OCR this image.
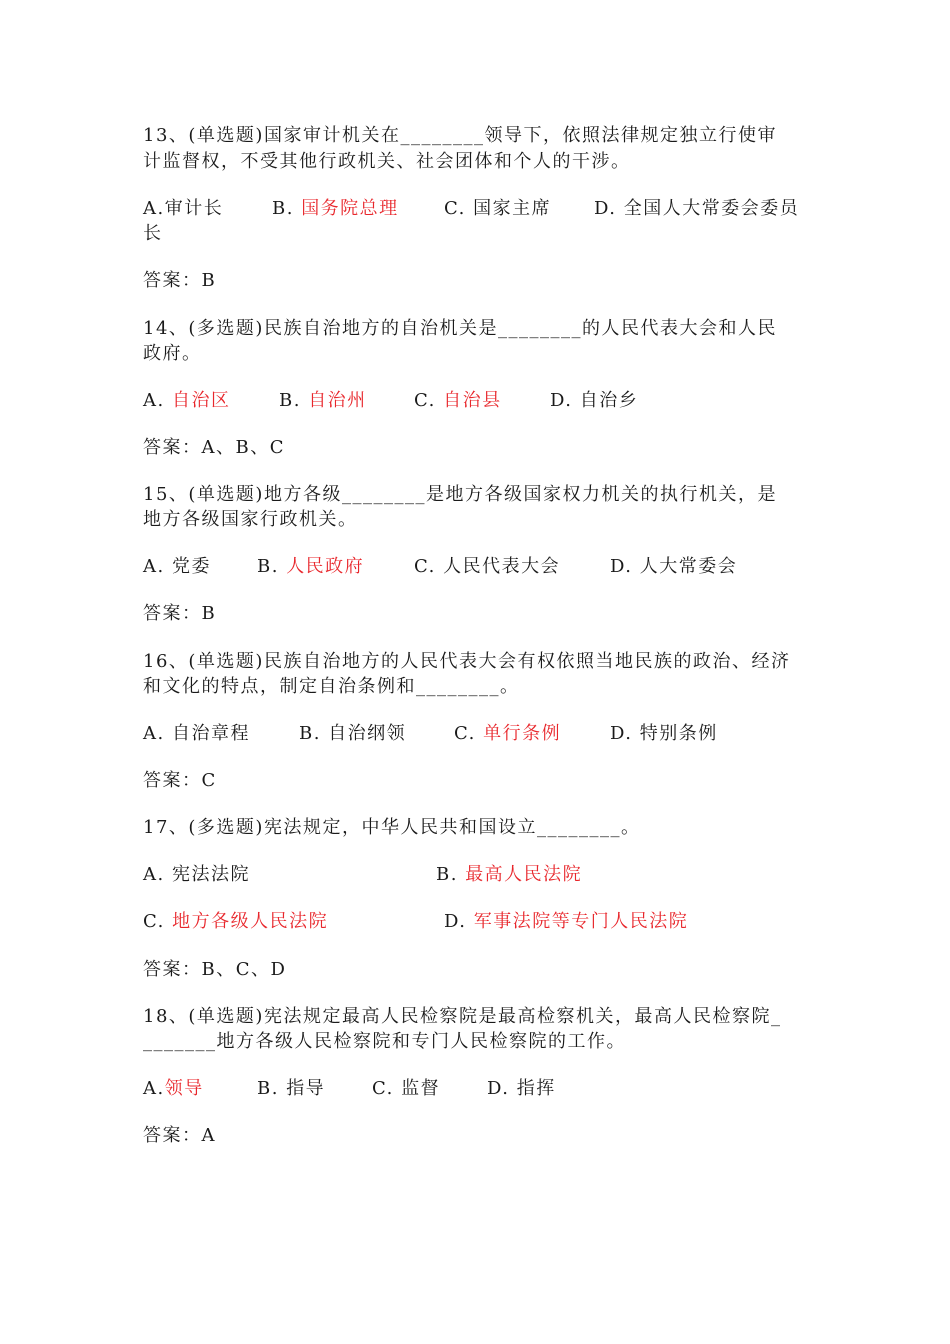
13、(单选题)国家审计机关在________领导下，依照法律规定独立行使审
计监督权，不受其他行政机关、社会团体和个人的干涉。
A.审计长	B. 国务院总理	C. 国家主席 D. 全国人大常委会委员
长
答案：B
14、(多选题)民族自治地方的自治机关是________的人民代表大会和人民
政府。
A. 自治区	B. 自治州	C. 自治县	D. 自治乡
答案：A、B、C
15、(单选题)地方各级________是地方各级国家权力机关的执行机关，是
地方各级国家行政机关。
A. 党委	B. 人民政府	C. 人民代表大会	D. 人大常委会
答案：B
16、(单选题)民族自治地方的人民代表大会有权依照当地民族的政治、经济
和文化的特点，制定自治条例和________。
A. 自治章程	B. 自治纲领	C. 单行条例	D. 特别条例
答案：C
17、(多选题)宪法规定，中华人民共和国设立________。
A. 宪法法院	B. 最高人民法院
C. 地方各级人民法院	D. 军事法院等专门人民法院
答案：B、C、D
18、(单选题)宪法规定最高人民检察院是最高检察机关，最高人民检察院_
_______地方各级人民检察院和专门人民检察院的工作。
A.领导	B. 指导	C. 监督	D. 指挥
答案：A
